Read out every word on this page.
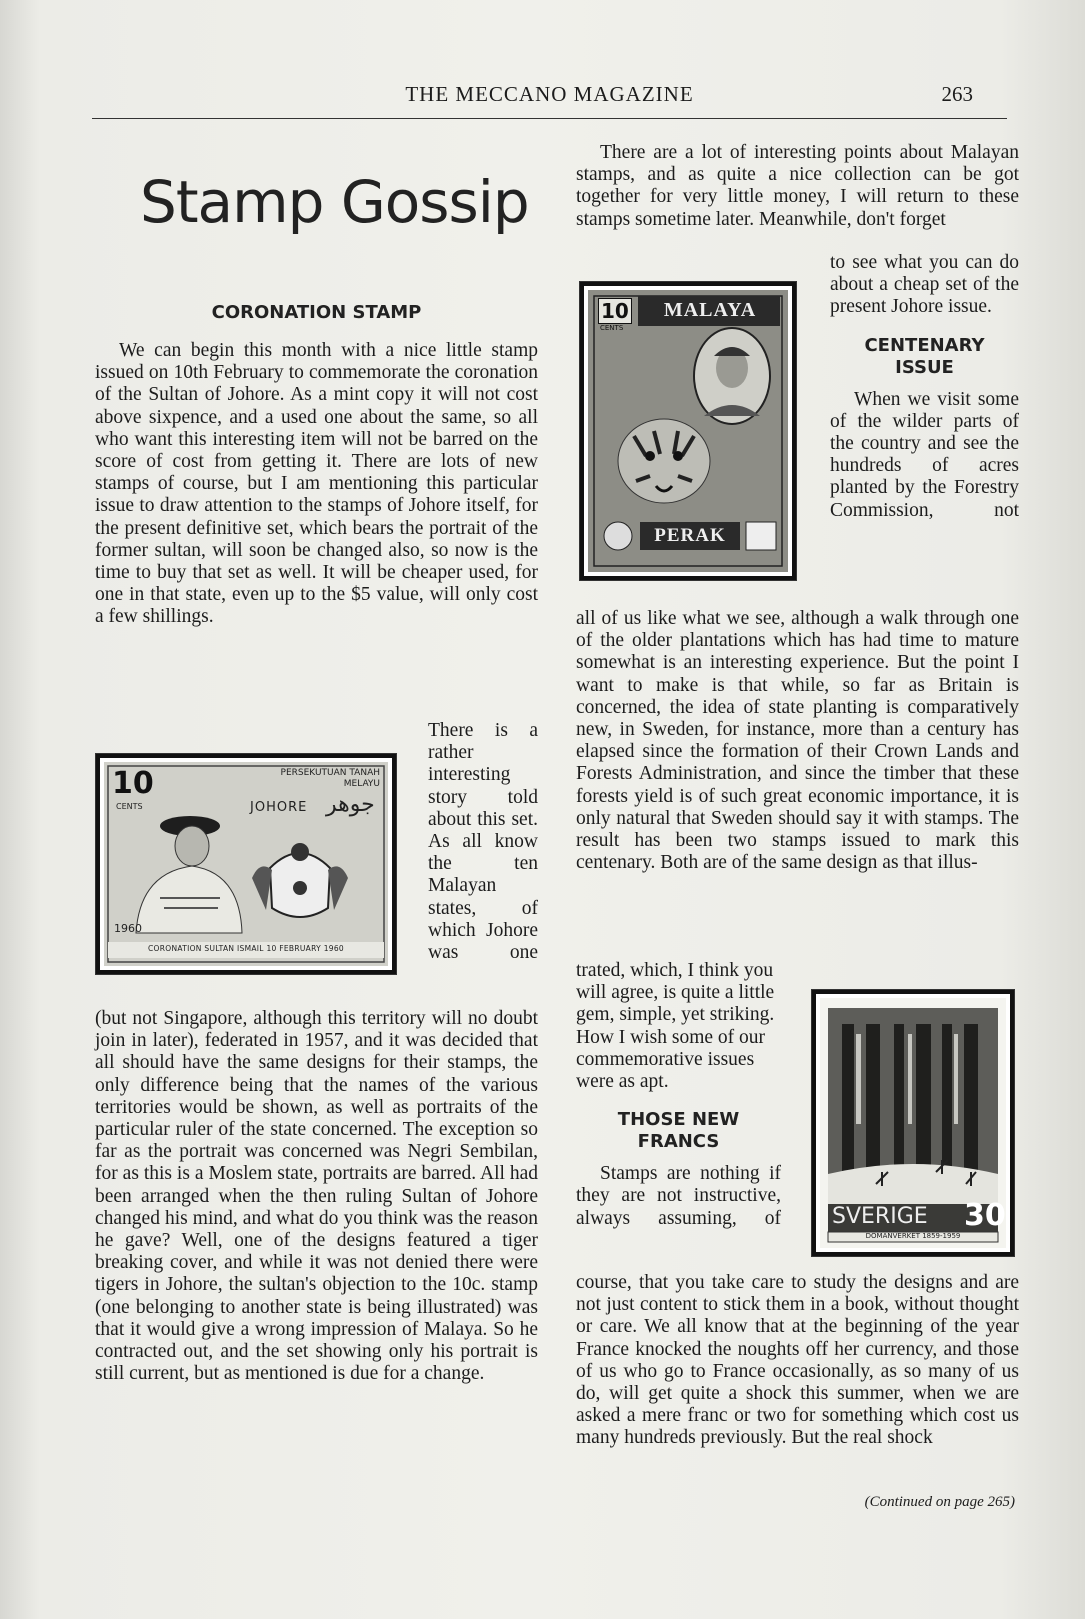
THE MECCANO MAGAZINE	263
Stamp Gossip

CORONATION STAMP

We can begin this month with a nice little stamp issued on 10th February to commemorate the coronation of the Sultan of Johore. As a mint copy it will not cost above sixpence, and a used one about the same, so all who want this interesting item will not be barred on the score of cost from getting it. There are lots of new stamps of course, but I am mentioning this particular issue to draw attention to the stamps of Johore itself, for the present definitive set, which bears the portrait of the former sultan, will soon be changed also, so now is the time to buy that set as well. It will be cheaper used, for one in that state, even up to the $5 value, will only cost a few shillings.

10
CENTS
PERSEKUTUAN TANAH MELAYU
JOHORE جوهر
1960
CORONATION SULTAN ISMAIL 10 FEBRUARY 1960

There is a rather interesting story told about this set. As all know the ten Malayan states, of which Johore was one

(but not Singapore, although this territory will no doubt join in later), federated in 1957, and it was decided that all should have the same designs for their stamps, the only difference being that the names of the various territories would be shown, as well as portraits of the particular ruler of the state concerned. The exception so far as the portrait was concerned was Negri Sembilan, for as this is a Moslem state, portraits are barred. All had been arranged when the then ruling Sultan of Johore changed his mind, and what do you think was the reason he gave? Well, one of the designs featured a tiger breaking cover, and while it was not denied there were tigers in Johore, the sultan's objection to the 10c. stamp (one belonging to another state is being illustrated) was that it would give a wrong impression of Malaya. So he contracted out, and the set showing only his portrait is still current, but as mentioned is due for a change.

There are a lot of interesting points about Malayan stamps, and as quite a nice collection can be got together for very little money, I will return to these stamps sometime later. Meanwhile, don't forget

10
CENTS
MALAYA
PERAK

to see what you can do about a cheap set of the present Johore issue.

CENTENARY ISSUE

When we visit some of the wilder parts of the country and see the hundreds of acres planted by the Forestry Commission, not

all of us like what we see, although a walk through one of the older plantations which has had time to mature somewhat is an interesting experience. But the point I want to make is that while, so far as Britain is concerned, the idea of state planting is comparatively new, in Sweden, for instance, more than a century has elapsed since the formation of their Crown Lands and Forests Administration, and since the timber that these forests yield is of such great economic importance, it is only natural that Sweden should say it with stamps. The result has been two stamps issued to mark this centenary. Both are of the same design as that illus-

trated, which, I think you will agree, is quite a little gem, simple, yet striking. How I wish some of our commemorative issues were as apt.

THOSE NEW FRANCS

Stamps are nothing if they are not instructive, always assuming, of SVERIGE 30
DOMANVERKET 1859-1959

course, that you take care to study the designs and are not just content to stick them in a book, without thought or care. We all know that at the beginning of the year France knocked the noughts off her currency, and those of us who go to France occasionally, as so many of us do, will get quite a shock this summer, when we are asked a mere franc or two for something which cost us many hundreds previously. But the real shock

(Continued on page 265)
